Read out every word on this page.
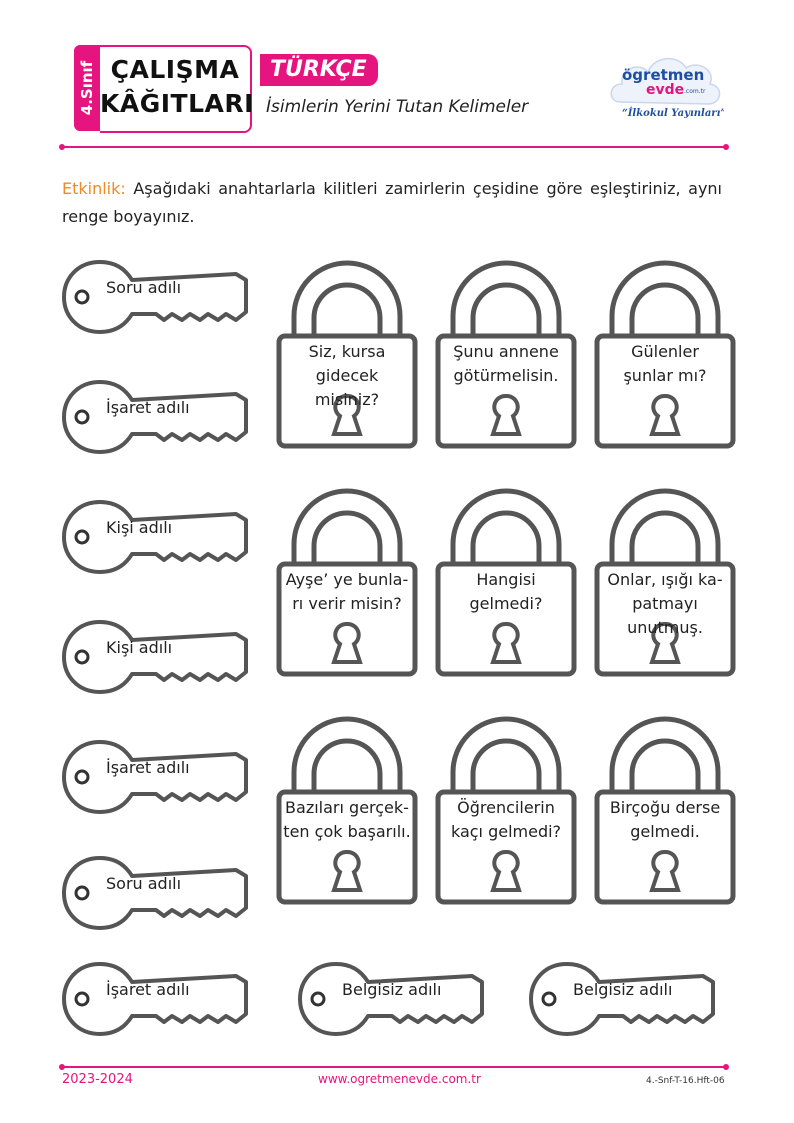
4.Sınıf ÇALIŞMA
KÂĞITLARI
TÜRKÇE
İsimlerin Yerini Tutan Kelimeler
ögretmen
evde .com.tr
“İlkokul Yayınları”
Etkinlik: Aşağıdaki anahtarlarla kilitleri zamirlerin çeşidine göre eşleştiriniz, aynı renge boyayınız.
Soru adılı
İşaret adılı
Kişi adılı
Kişi adılı
İşaret adılı
Soru adılı
İşaret adılı	Belgisiz adılı	Belgisiz adılı
Siz, kursa
gidecek misiniz?
Şunu annene
götürmelisin.
Gülenler
şunlar mı?
Ayşe’ ye bunla-
rı verir misin?
Hangisi
gelmedi?
Onlar, ışığı ka-
patmayı unutmuş.
Bazıları gerçek-
ten çok başarılı.
Öğrencilerin
kaçı gelmedi?
Birçoğu derse
gelmedi.
2023-2024	www.ogretmenevde.com.tr	4.-Snf-T-16.Hft-06
